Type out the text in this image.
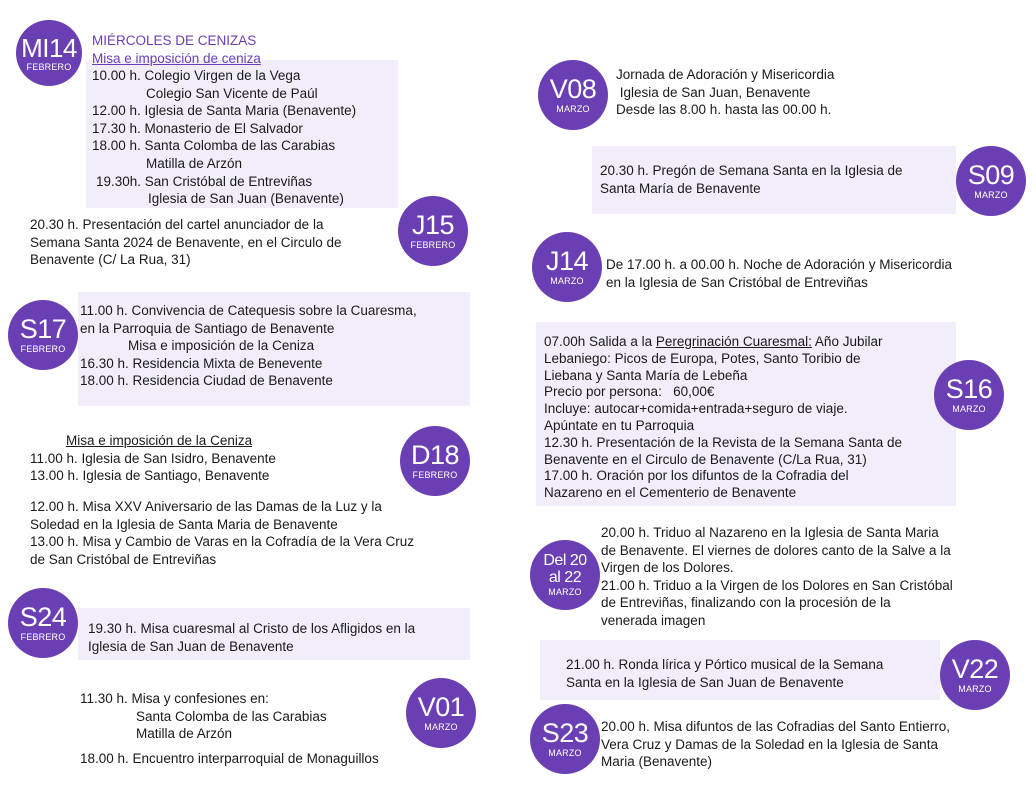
MI14
FEBRERO

MIÉRCOLES DE CENIZAS

Misa e imposición de ceniza

10.00 h. Colegio Virgen de la Vega

Colegio San Vicente de Paúl

12.00 h. Iglesia de Santa Maria (Benavente)

17.30 h. Monasterio de El Salvador

18.00 h. Santa Colomba de las Carabias

Matilla de Arzón

19.30h. San Cristóbal de Entreviñas

Iglesia de San Juan (Benavente)

J15
FEBRERO

20.30 h. Presentación del cartel anunciador de la

Semana Santa 2024 de Benavente, en el Circulo de

Benavente (C/ La Rua, 31)

S17
FEBRERO

11.00 h. Convivencia de Catequesis sobre la Cuaresma,

en la Parroquia de Santiago de Benavente

Misa e imposición de la Ceniza

16.30 h. Residencia Mixta de Benevente

18.00 h. Residencia Ciudad de Benavente

D18
FEBRERO

Misa e imposición de la Ceniza

11.00 h. Iglesia de San Isidro, Benavente

13.00 h. Iglesia de Santiago, Benavente

12.00 h. Misa XXV Aniversario de las Damas de la Luz y la

Soledad en la Iglesia de Santa Maria de Benavente

13.00 h. Misa y Cambio de Varas en la Cofradía de la Vera Cruz

de San Cristóbal de Entreviñas

S24
FEBRERO

19.30 h. Misa cuaresmal al Cristo de los Afligidos en la

Iglesia de San Juan de Benavente

V01
MARZO

11.30 h. Misa y confesiones en:

Santa Colomba de las Carabias

Matilla de Arzón

18.00 h. Encuentro interparroquial de Monaguillos

V08
MARZO

Jornada de Adoración y Misericordia

Iglesia de San Juan, Benavente

Desde las 8.00 h. hasta las 00.00 h.

S09
MARZO

20.30 h. Pregón de Semana Santa en la Iglesia de

Santa María de Benavente

J14
MARZO

De 17.00 h. a 00.00 h. Noche de Adoración y Misericordia

en la Iglesia de San Cristóbal de Entreviñas

S16
MARZO

07.00h Salida a la Peregrinación Cuaresmal: Año Jubilar

Lebaniego: Picos de Europa, Potes, Santo Toribio de

Liebana y Santa María de Lebeña

Precio por persona:   60,00€

Incluye: autocar+comida+entrada+seguro de viaje.

Apúntate en tu Parroquia

12.30 h. Presentación de la Revista de la Semana Santa de

Benavente en el Circulo de Benavente (C/La Rua, 31)

17.00 h. Oración por los difuntos de la Cofradia del

Nazareno en el Cementerio de Benavente

Del 20
al 22
MARZO

20.00 h. Triduo al Nazareno en la Iglesia de Santa Maria

de Benavente. El viernes de dolores canto de la Salve a la

Virgen de los Dolores.

21.00 h. Triduo a la Virgen de los Dolores en San Cristóbal

de Entreviñas, finalizando con la procesión de la

venerada imagen

V22
MARZO

21.00 h. Ronda lírica y Pórtico musical de la Semana

Santa en la Iglesia de San Juan de Benavente

S23
MARZO

20.00 h. Misa difuntos de las Cofradias del Santo Entierro,

Vera Cruz y Damas de la Soledad en la Iglesia de Santa

Maria (Benavente)
